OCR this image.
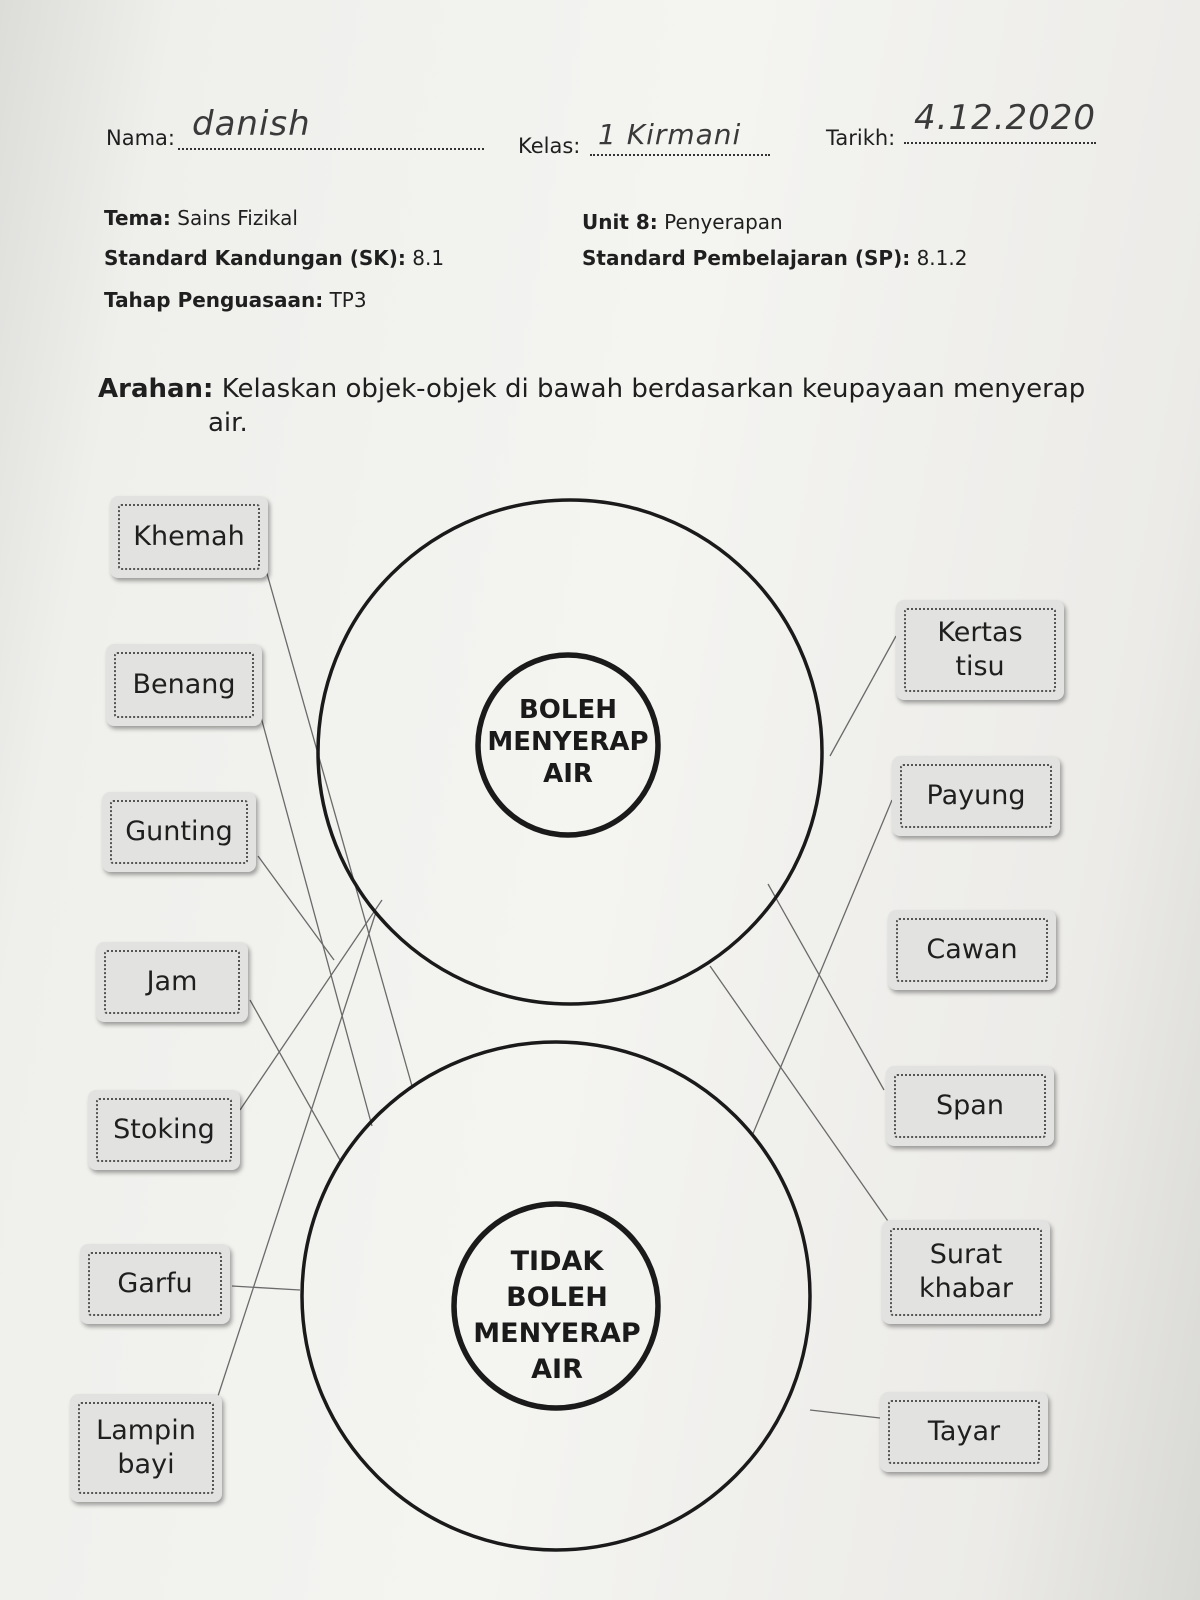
Nama: danish
Kelas: 1 Kirmani	Tarikh: 4.12.2020
Tema: Sains Fizikal	Unit 8: Penyerapan
Standard Kandungan (SK): 8.1	Standard Pembelajaran (SP): 8.1.2
Tahap Penguasaan: TP3
Arahan: Kelaskan objek-objek di bawah berdasarkan keupayaan menyerap
air.
BOLEH
MENYERAP
AIR
TIDAK
BOLEH
MENYERAP
AIR
Khemah
Benang
Gunting
Jam
Stoking
Garfu
Lampin bayi
Kertas tisu
Payung
Cawan
Span
Surat khabar
Tayar
